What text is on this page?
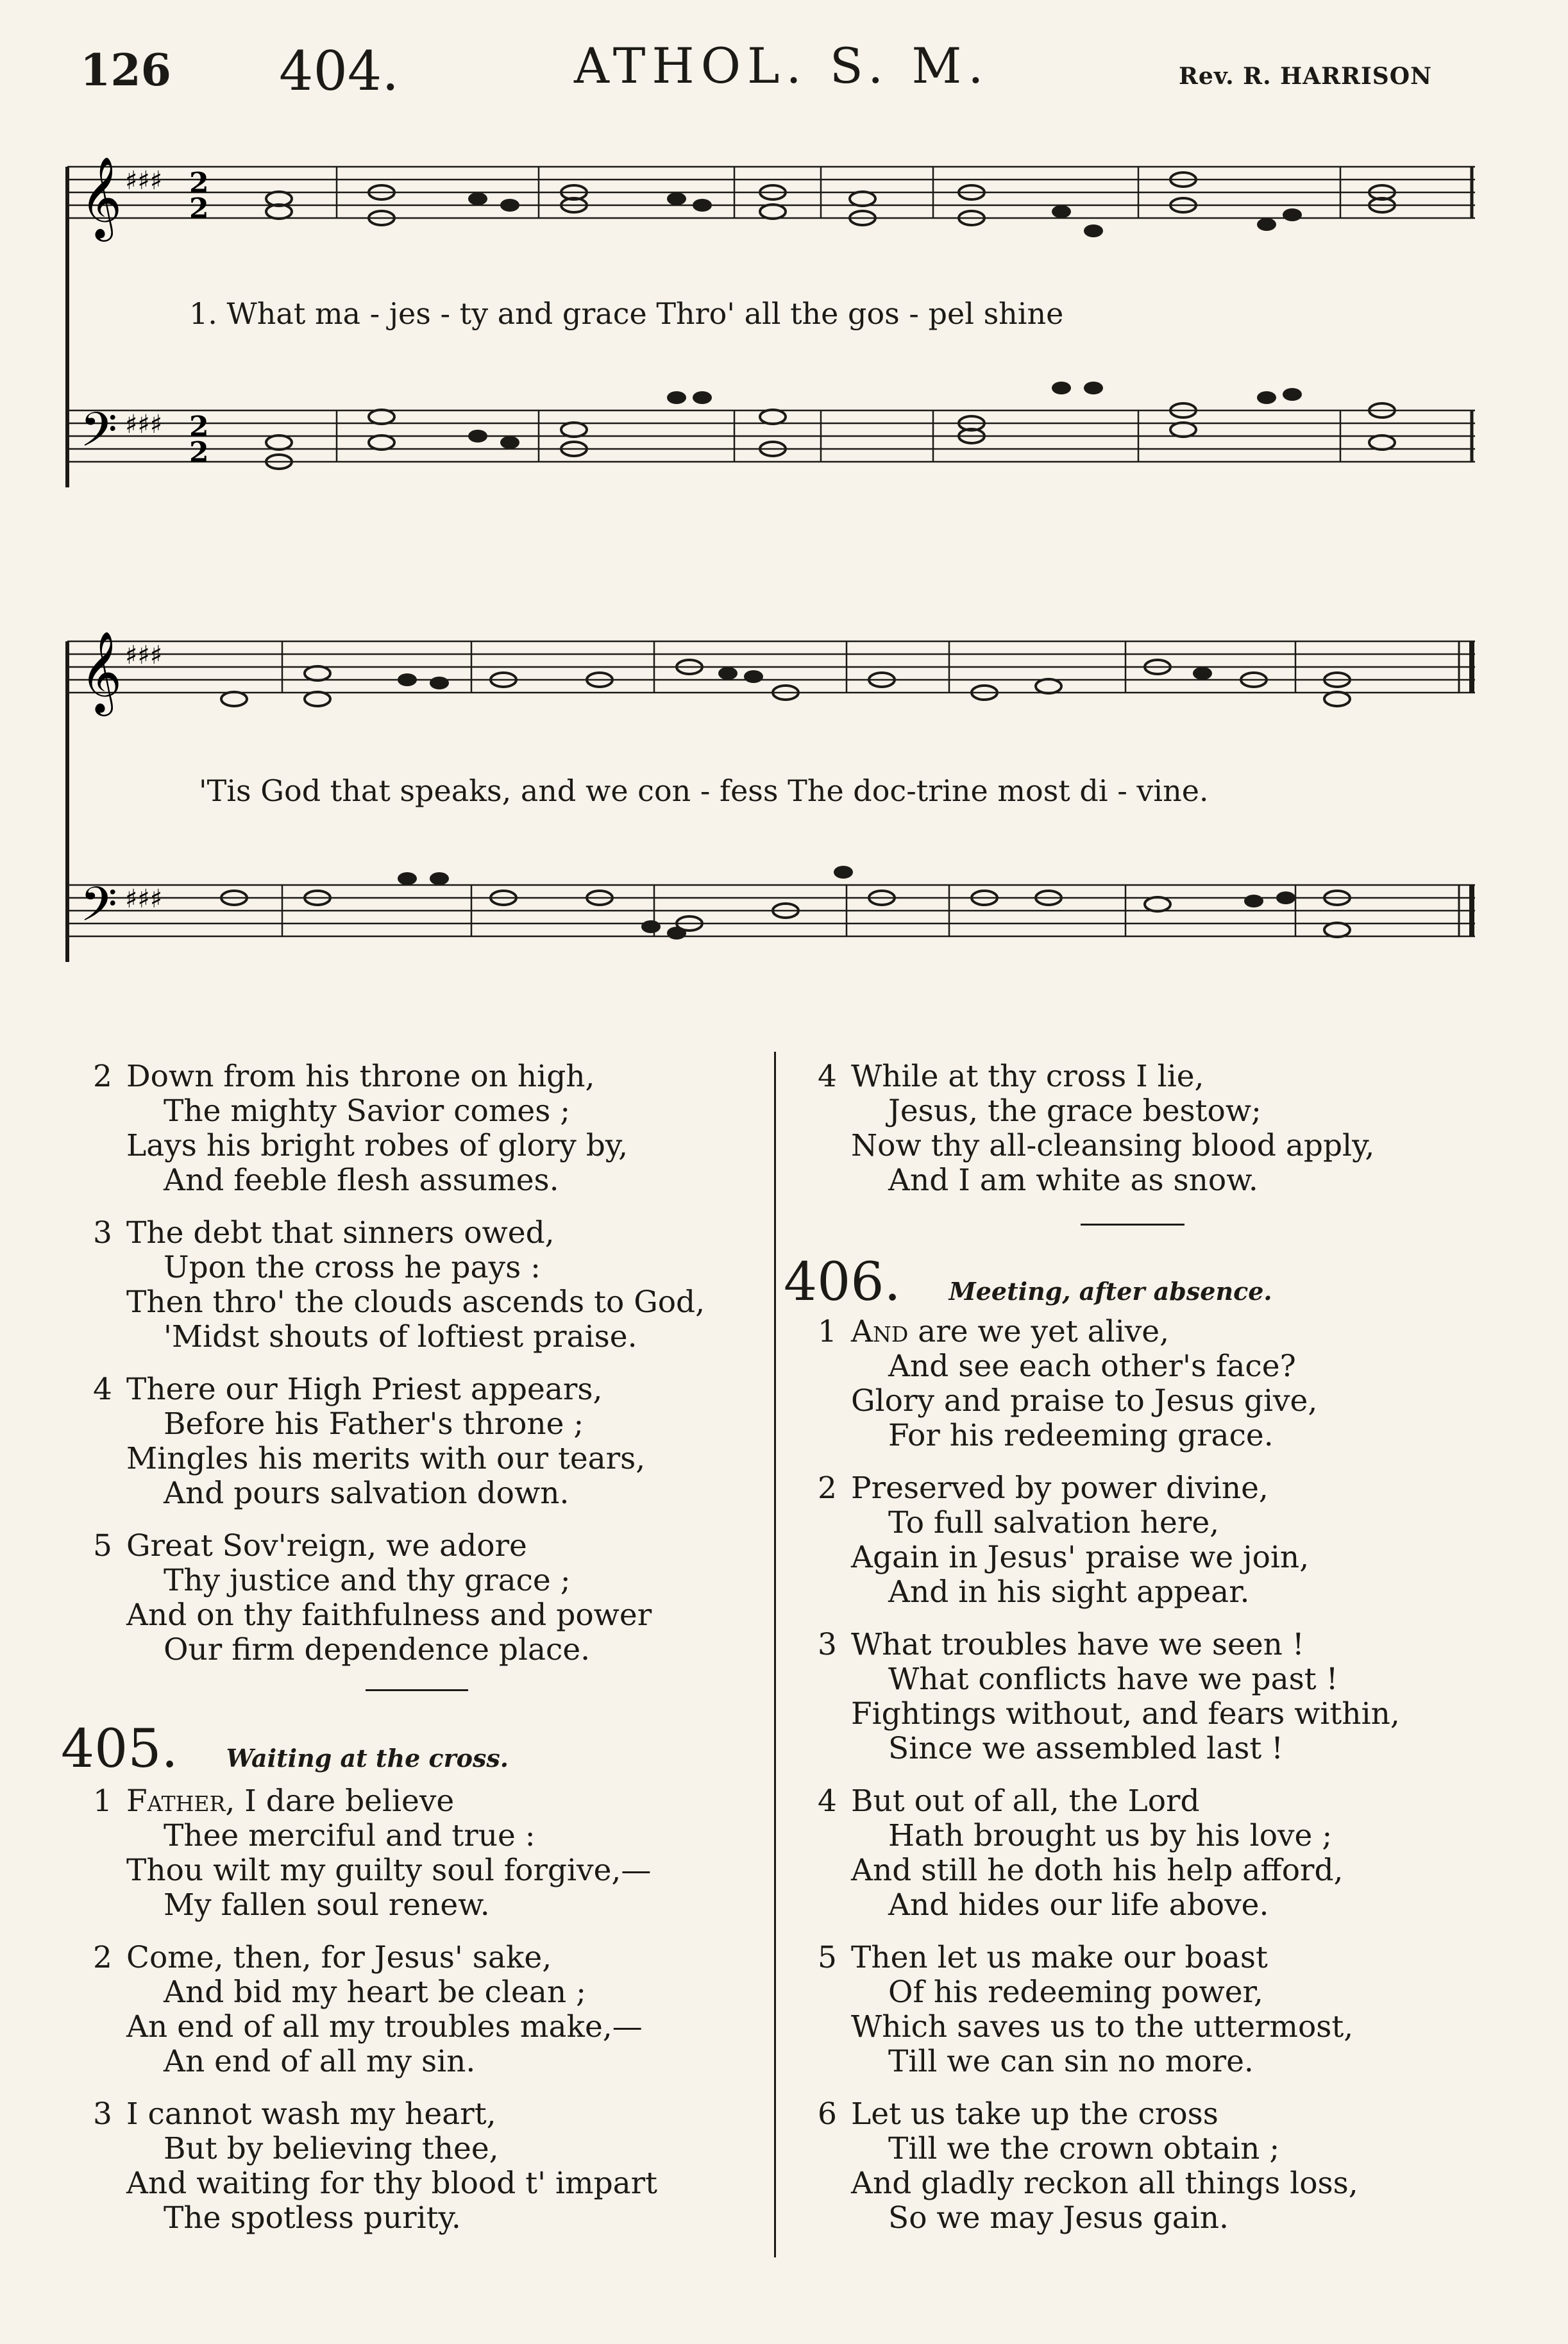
126 404.	ATHOL. S. M.	Rev. R. HARRISON
𝄞
𝄢
♯♯♯
♯♯♯
2
2
2
2
1. What ma - jes - ty and grace Thro' all the gos - pel shine
𝄞
𝄢
♯♯♯
♯♯♯
'Tis God that speaks, and we con - fess The doc-trine most di - vine.
2 Down from his throne on high,
The mighty Savior comes ;
Lays his bright robes of glory by,
And feeble flesh assumes.
3 The debt that sinners owed,
Upon the cross he pays :
Then thro' the clouds ascends to God,
'Midst shouts of loftiest praise.
4 There our High Priest appears,
Before his Father's throne ;
Mingles his merits with our tears,
And pours salvation down.
5 Great Sov'reign, we adore
Thy justice and thy grace ;
And on thy faithfulness and power
Our firm dependence place.
405. Waiting at the cross.
1 Father, I dare believe
Thee merciful and true :
Thou wilt my guilty soul forgive,—
My fallen soul renew.
2 Come, then, for Jesus' sake,
And bid my heart be clean ;
An end of all my troubles make,—
An end of all my sin.
3 I cannot wash my heart,
But by believing thee,
And waiting for thy blood t' impart
The spotless purity.
4 While at thy cross I lie,
Jesus, the grace bestow;
Now thy all-cleansing blood apply,
And I am white as snow.
406. Meeting, after absence.
1 And are we yet alive,
And see each other's face?
Glory and praise to Jesus give,
For his redeeming grace.
2 Preserved by power divine,
To full salvation here,
Again in Jesus' praise we join,
And in his sight appear.
3 What troubles have we seen !
What conflicts have we past !
Fightings without, and fears within,
Since we assembled last !
4 But out of all, the Lord
Hath brought us by his love ;
And still he doth his help afford,
And hides our life above.
5 Then let us make our boast
Of his redeeming power,
Which saves us to the uttermost,
Till we can sin no more.
6 Let us take up the cross
Till we the crown obtain ;
And gladly reckon all things loss,
So we may Jesus gain.
